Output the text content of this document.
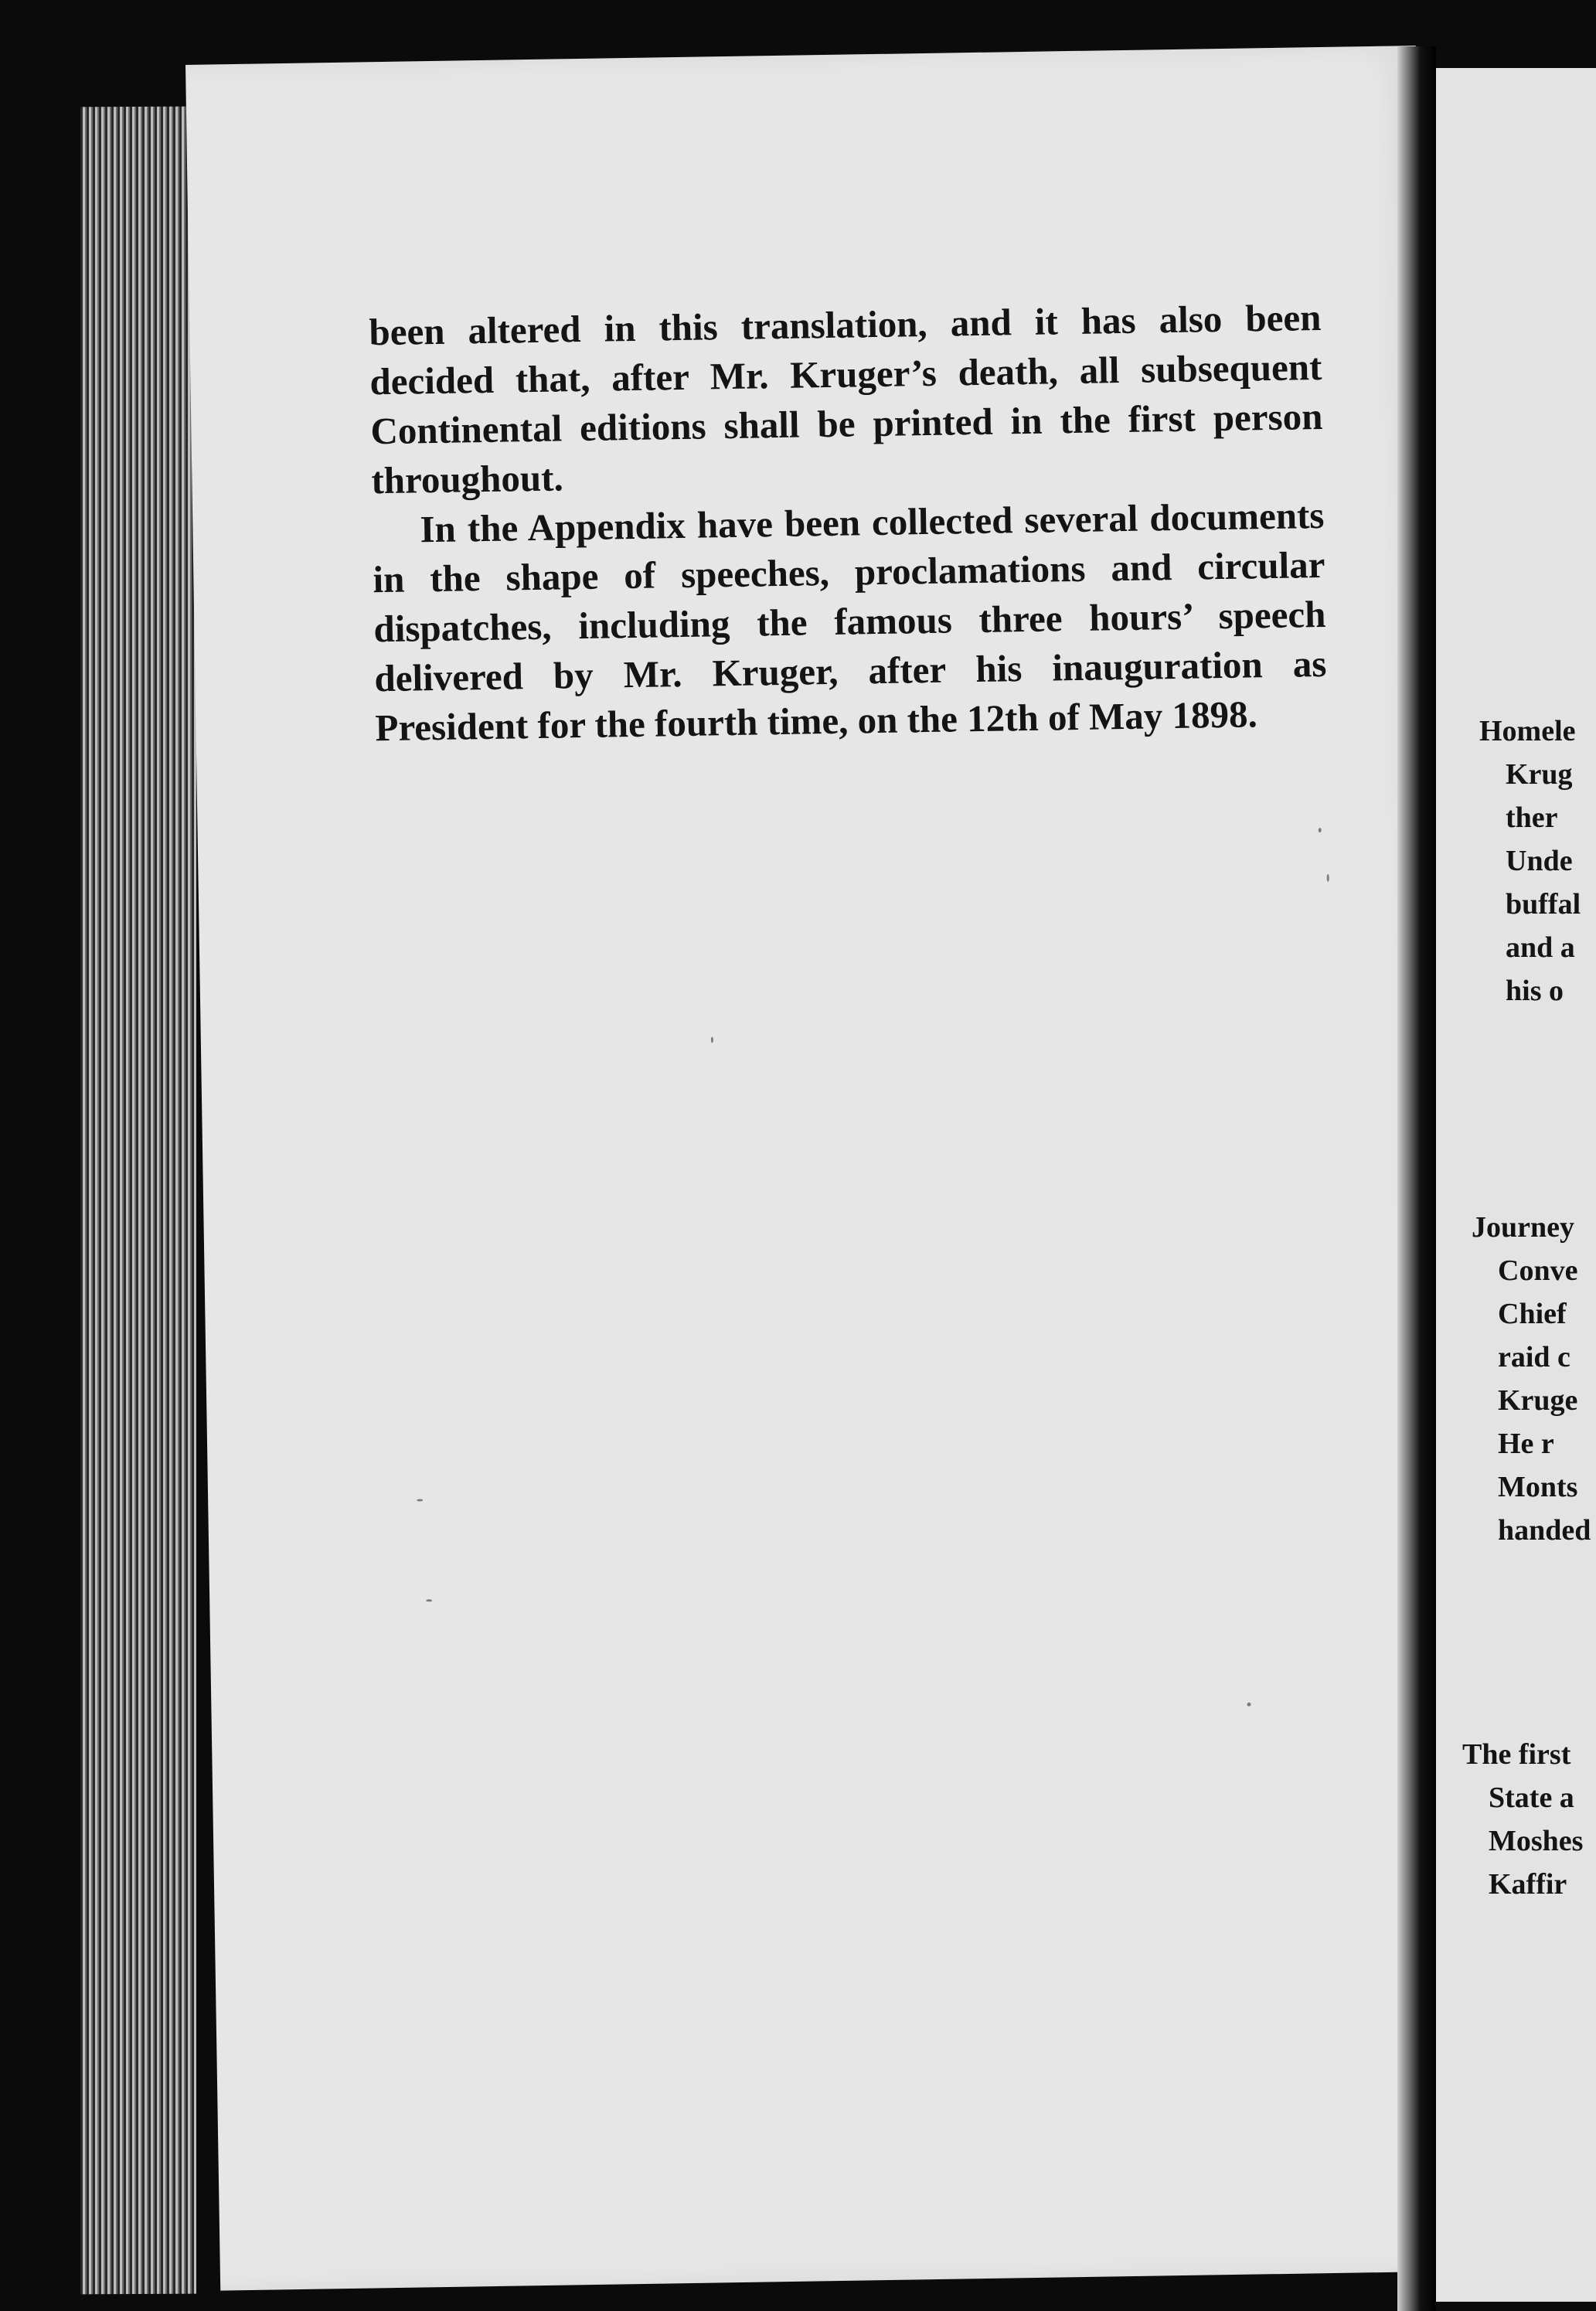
been altered in this translation, and it has also been decided that, after Mr. Kruger’s death, all subsequent Continental editions shall be printed in the first person throughout.

In the Appendix have been collected several documents in the shape of speeches, proclamations and circular dispatches, including the famous three hours’ speech delivered by Mr. Kruger, after his inauguration as President for the fourth time, on the 12th of May 1898.	Homele
Krug
ther
Unde
buffal
and a
his o
Journey
Conve
Chief
raid c
Kruge
He r
Monts
handed
The first
State a
Moshes
Kaffir
